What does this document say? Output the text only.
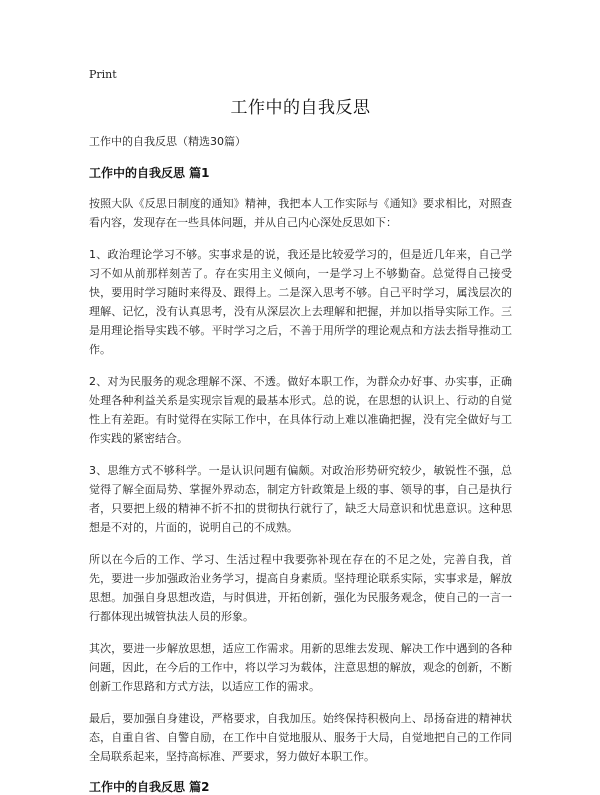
Print
工作中的自我反思
工作中的自我反思（精选30篇）
工作中的自我反思 篇1

按照大队《反思日制度的通知》精神，我把本人工作实际与《通知》要求相比，对照查看内容，发现存在一些具体问题，并从自己内心深处反思如下：

1、政治理论学习不够。实事求是的说，我还是比较爱学习的，但是近几年来，自己学习不如从前那样刻苦了。存在实用主义倾向，一是学习上不够勤奋。总觉得自己接受快，要用时学习随时来得及、跟得上。二是深入思考不够。自己平时学习，属浅层次的理解、记忆，没有认真思考，没有从深层次上去理解和把握，并加以指导实际工作。三是用理论指导实践不够。平时学习之后，不善于用所学的理论观点和方法去指导推动工作。

2、对为民服务的观念理解不深、不透。做好本职工作，为群众办好事、办实事，正确处理各种利益关系是实现宗旨观的最基本形式。总的说，在思想的认识上、行动的自觉性上有差距。有时觉得在实际工作中，在具体行动上难以准确把握，没有完全做好与工作实践的紧密结合。

3、思维方式不够科学。一是认识问题有偏颇。对政治形势研究较少，敏锐性不强，总觉得了解全面局势、掌握外界动态，制定方针政策是上级的事、领导的事，自己是执行者，只要把上级的精神不折不扣的贯彻执行就行了，缺乏大局意识和忧患意识。这种思想是不对的，片面的，说明自己的不成熟。

所以在今后的工作、学习、生活过程中我要弥补现在存在的不足之处，完善自我，首先，要进一步加强政治业务学习，提高自身素质。坚持理论联系实际，实事求是，解放思想。加强自身思想改造，与时俱进，开拓创新，强化为民服务观念，使自己的一言一行都体现出城管执法人员的形象。

其次，要进一步解放思想，适应工作需求。用新的思维去发现、解决工作中遇到的各种问题，因此，在今后的工作中，将以学习为载体，注意思想的解放，观念的创新，不断创新工作思路和方式方法，以适应工作的需求。

最后，要加强自身建设，严格要求，自我加压。始终保持积极向上、昂扬奋进的精神状态，自重自省、自警自励，在工作中自觉地服从、服务于大局，自觉地把自己的工作同全局联系起来，坚持高标准、严要求，努力做好本职工作。

工作中的自我反思 篇2
